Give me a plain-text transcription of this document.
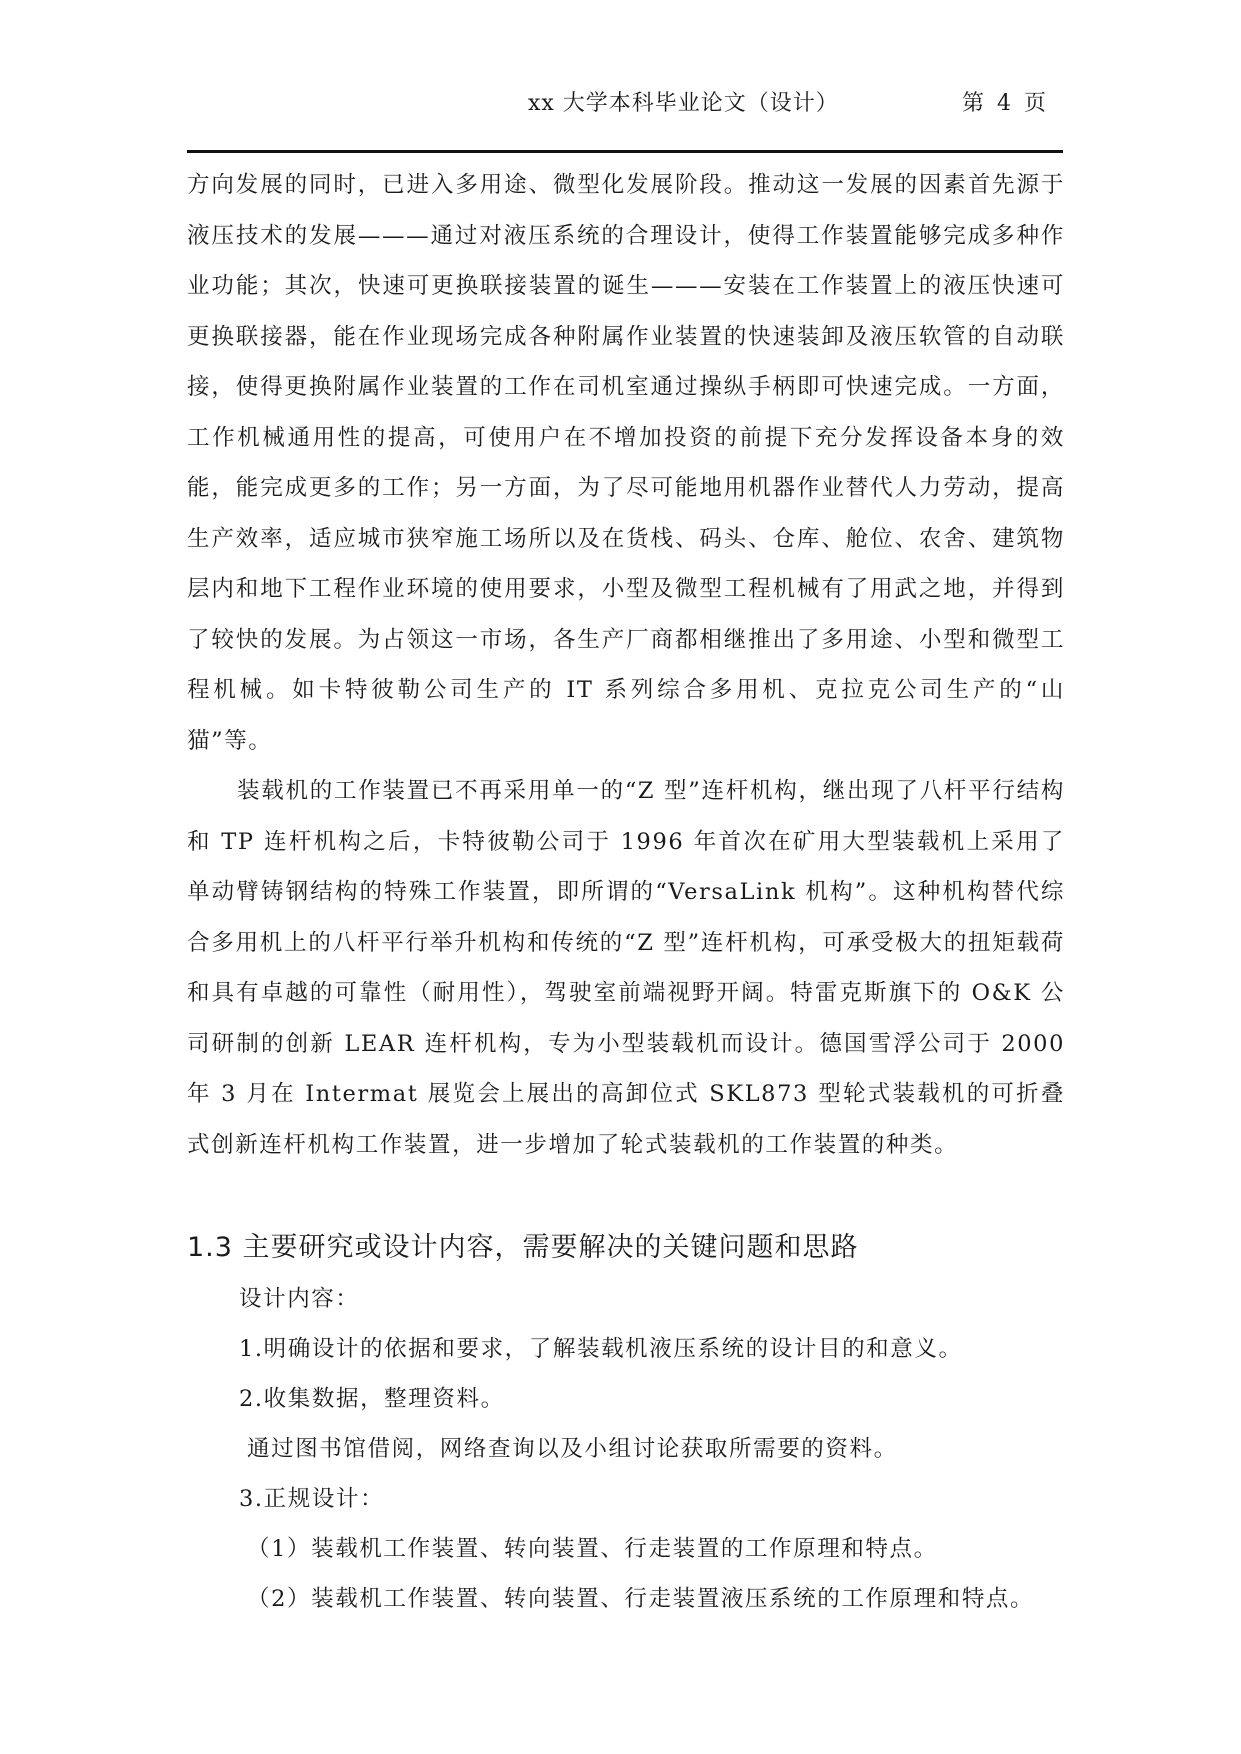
xx 大学本科毕业论文（设计）	第 4 页

方向发展的同时，已进入多用途、微型化发展阶段。推动这一发展的因素首先源于液压技术的发展———通过对液压系统的合理设计，使得工作装置能够完成多种作业功能；其次，快速可更换联接装置的诞生———安装在工作装置上的液压快速可更换联接器，能在作业现场完成各种附属作业装置的快速装卸及液压软管的自动联接，使得更换附属作业装置的工作在司机室通过操纵手柄即可快速完成。一方面，工作机械通用性的提高，可使用户在不增加投资的前提下充分发挥设备本身的效能，能完成更多的工作；另一方面，为了尽可能地用机器作业替代人力劳动，提高生产效率，适应城市狭窄施工场所以及在货栈、码头、仓库、舱位、农舍、建筑物层内和地下工程作业环境的使用要求，小型及微型工程机械有了用武之地，并得到了较快的发展。为占领这一市场，各生产厂商都相继推出了多用途、小型和微型工程机械。如卡特彼勒公司生产的 IT 系列综合多用机、克拉克公司生产的“山猫”等。

装载机的工作装置已不再采用单一的“Z 型”连杆机构，继出现了八杆平行结构和 TP 连杆机构之后，卡特彼勒公司于 1996 年首次在矿用大型装载机上采用了单动臂铸钢结构的特殊工作装置，即所谓的“VersaLink 机构”。这种机构替代综合多用机上的八杆平行举升机构和传统的“Z 型”连杆机构，可承受极大的扭矩载荷和具有卓越的可靠性（耐用性），驾驶室前端视野开阔。特雷克斯旗下的 O&K 公司研制的创新 LEAR 连杆机构，专为小型装载机而设计。德国雪浮公司于 2000 年 3 月在 Intermat 展览会上展出的高卸位式 SKL873 型轮式装载机的可折叠式创新连杆机构工作装置，进一步增加了轮式装载机的工作装置的种类。

1.3 主要研究或设计内容，需要解决的关键问题和思路

设计内容：

1.明确设计的依据和要求，了解装载机液压系统的设计目的和意义。

2.收集数据，整理资料。

通过图书馆借阅，网络查询以及小组讨论获取所需要的资料。

3.正规设计：

（1）装载机工作装置、转向装置、行走装置的工作原理和特点。

（2）装载机工作装置、转向装置、行走装置液压系统的工作原理和特点。
